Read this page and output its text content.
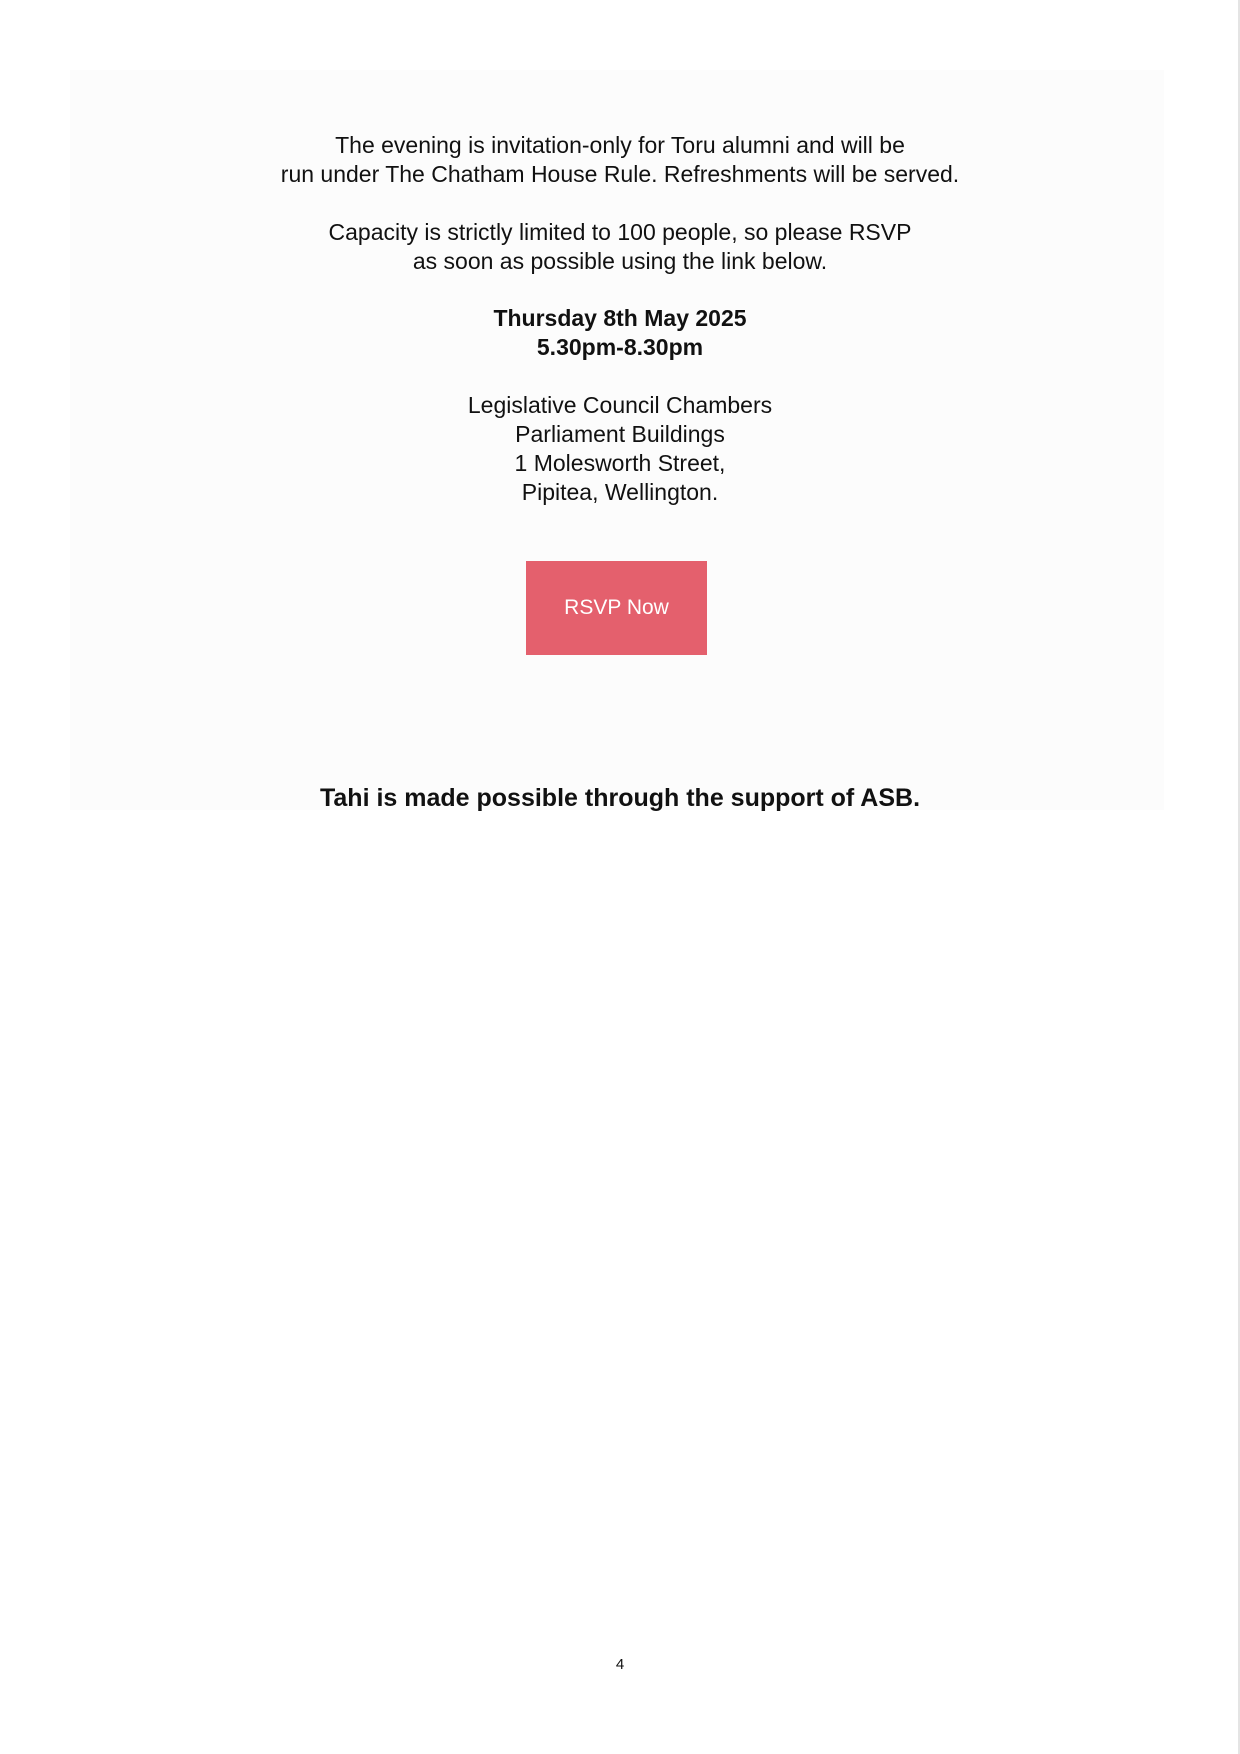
The evening is invitation-only for Toru alumni and will be
run under The Chatham House Rule. Refreshments will be served.

Capacity is strictly limited to 100 people, so please RSVP
as soon as possible using the link below.

Thursday 8th May 2025
5.30pm-8.30pm
Legislative Council Chambers
Parliament Buildings
1 Molesworth Street,
Pipitea, Wellington.
RSVP Now

Tahi is made possible through the support of ASB.

4
